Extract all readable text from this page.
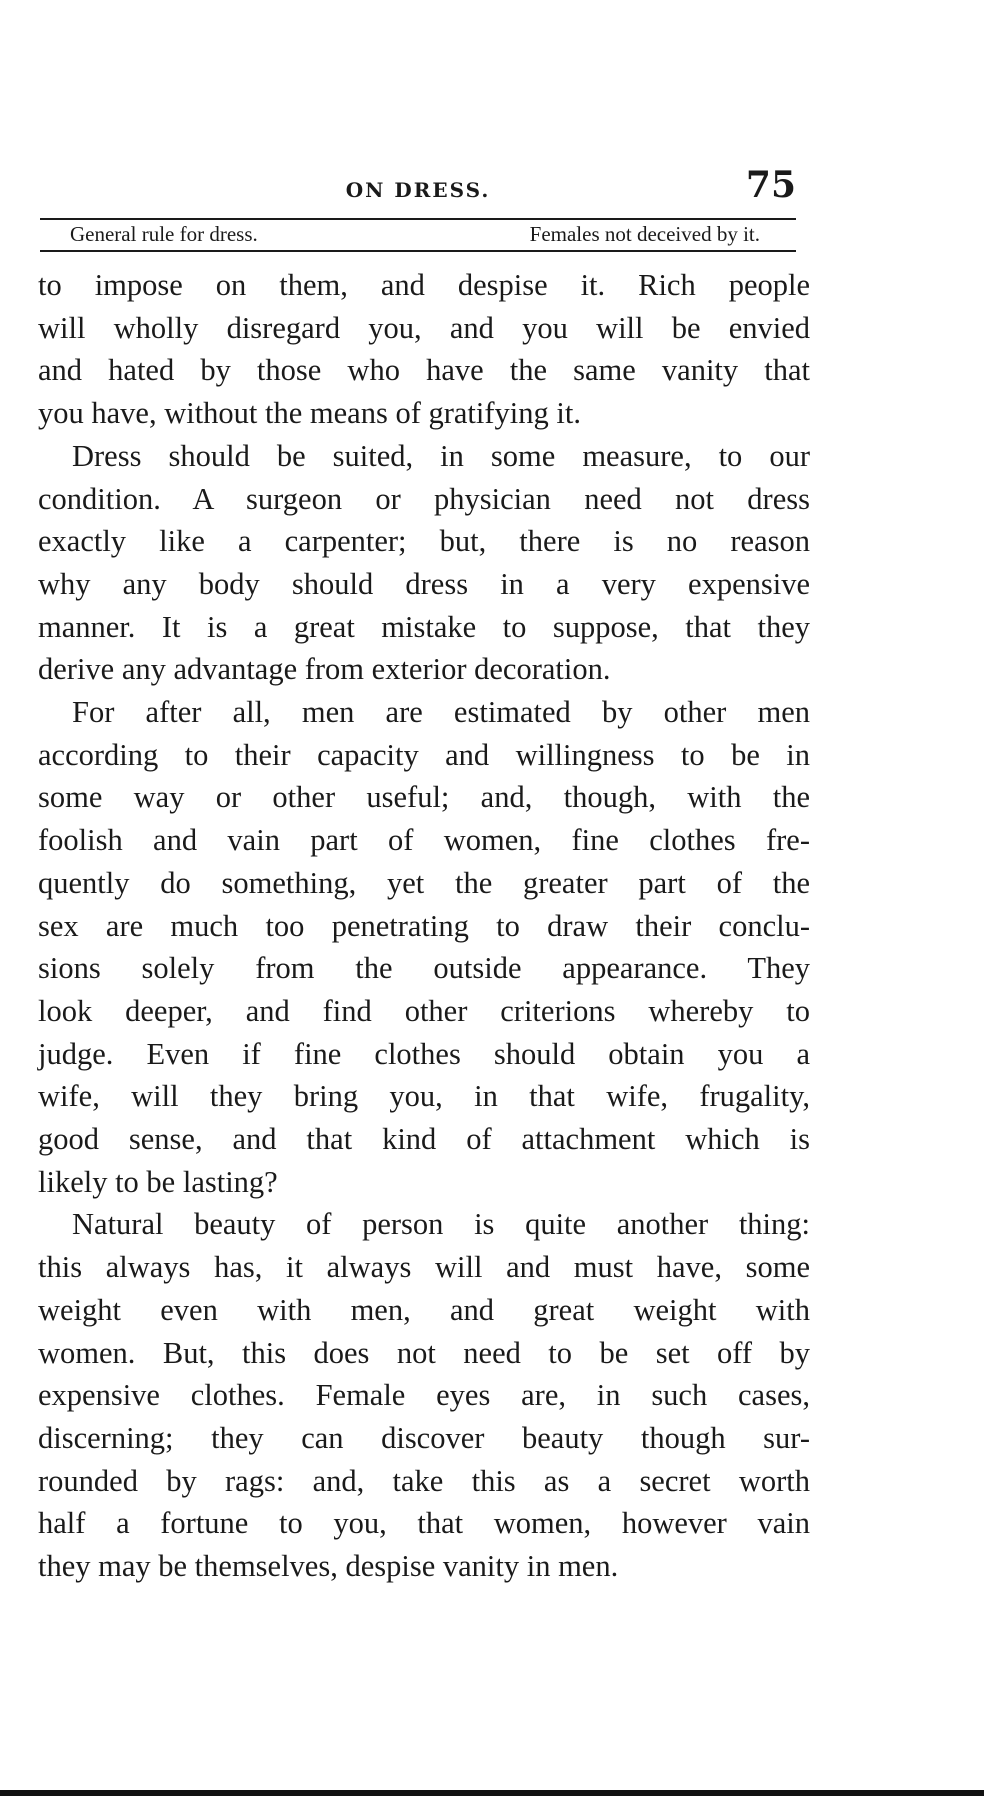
ON DRESS.	75
General rule for dress.	Females not deceived by it.

to impose on them, and despise it. Rich people
will wholly disregard you, and you will be envied
and hated by those who have the same vanity that
you have, without the means of gratifying it.

Dress should be suited, in some measure, to our
condition. A surgeon or physician need not dress
exactly like a carpenter; but, there is no reason
why any body should dress in a very expensive
manner. It is a great mistake to suppose, that they
derive any advantage from exterior decoration.

For after all, men are estimated by other men
according to their capacity and willingness to be in
some way or other useful; and, though, with the
foolish and vain part of women, fine clothes fre-
quently do something, yet the greater part of the
sex are much too penetrating to draw their conclu-
sions solely from the outside appearance. They
look deeper, and find other criterions whereby to
judge. Even if fine clothes should obtain you a
wife, will they bring you, in that wife, frugality,
good sense, and that kind of attachment which is
likely to be lasting?

Natural beauty of person is quite another thing:
this always has, it always will and must have, some
weight even with men, and great weight with
women. But, this does not need to be set off by
expensive clothes. Female eyes are, in such cases,
discerning; they can discover beauty though sur-
rounded by rags: and, take this as a secret worth
half a fortune to you, that women, however vain
they may be themselves, despise vanity in men.
